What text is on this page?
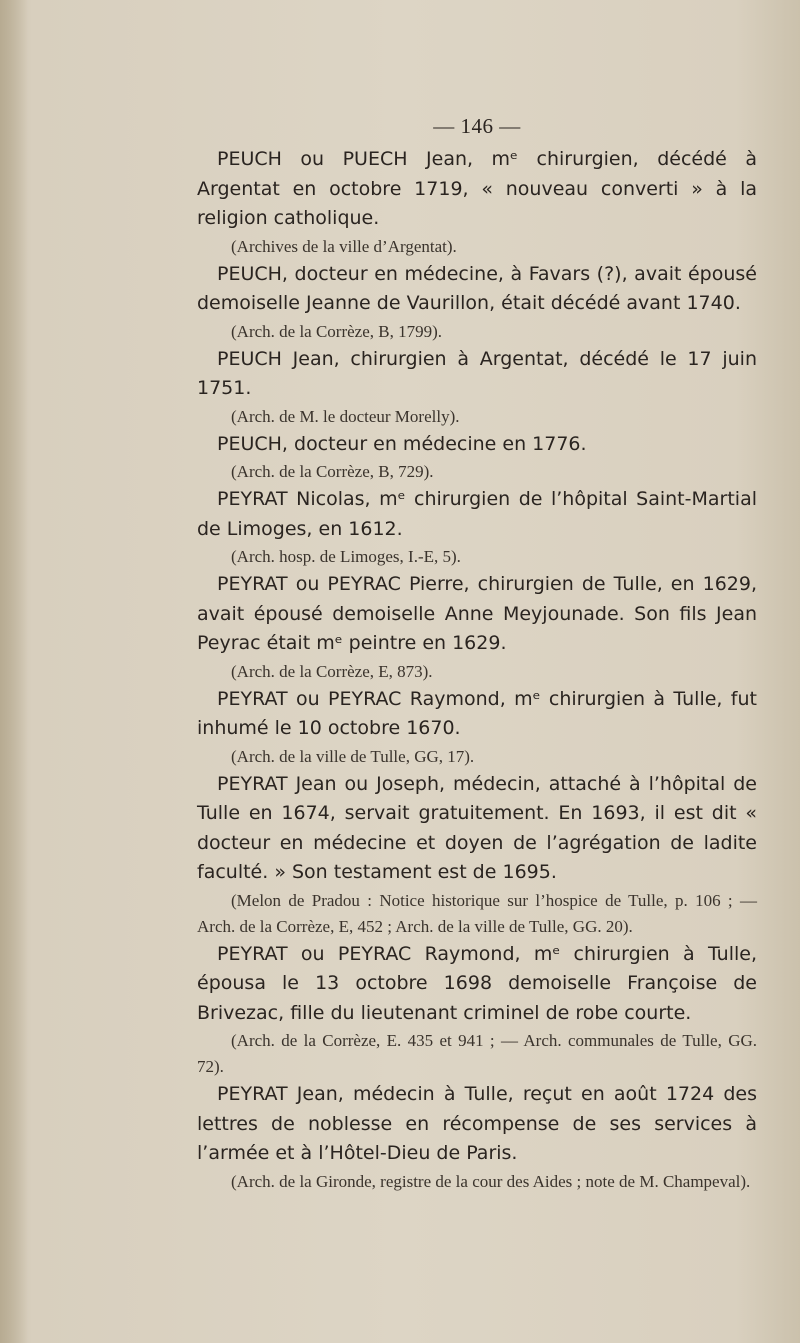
— 146 —

PEUCH ou PUECH Jean, mᵉ chirurgien, décédé à Argentat en octobre 1719, « nouveau converti » à la religion catholique.

(Archives de la ville d’Argentat).

PEUCH, docteur en médecine, à Favars (?), avait épousé demoiselle Jeanne de Vaurillon, était décédé avant 1740.

(Arch. de la Corrèze, B, 1799).

PEUCH Jean, chirurgien à Argentat, décédé le 17 juin 1751.

(Arch. de M. le docteur Morelly).

PEUCH, docteur en médecine en 1776.

(Arch. de la Corrèze, B, 729).

PEYRAT Nicolas, mᵉ chirurgien de l’hôpital Saint-Martial de Limoges, en 1612.

(Arch. hosp. de Limoges, I.-E, 5).

PEYRAT ou PEYRAC Pierre, chirurgien de Tulle, en 1629, avait épousé demoiselle Anne Meyjounade. Son fils Jean Peyrac était mᵉ peintre en 1629.

(Arch. de la Corrèze, E, 873).

PEYRAT ou PEYRAC Raymond, mᵉ chirurgien à Tulle, fut inhumé le 10 octobre 1670.

(Arch. de la ville de Tulle, GG, 17).

PEYRAT Jean ou Joseph, médecin, attaché à l’hôpital de Tulle en 1674, servait gratuitement. En 1693, il est dit « docteur en médecine et doyen de l’agrégation de ladite faculté. » Son testament est de 1695.

(Melon de Pradou : Notice historique sur l’hospice de Tulle, p. 106 ; — Arch. de la Corrèze, E, 452 ; Arch. de la ville de Tulle, GG. 20).

PEYRAT ou PEYRAC Raymond, mᵉ chirurgien à Tulle, épousa le 13 octobre 1698 demoiselle Françoise de Brivezac, fille du lieutenant criminel de robe courte.

(Arch. de la Corrèze, E. 435 et 941 ; — Arch. communales de Tulle, GG. 72).

PEYRAT Jean, médecin à Tulle, reçut en août 1724 des lettres de noblesse en récompense de ses services à l’armée et à l’Hôtel-Dieu de Paris.

(Arch. de la Gironde, registre de la cour des Aides ; note de M. Champeval).
